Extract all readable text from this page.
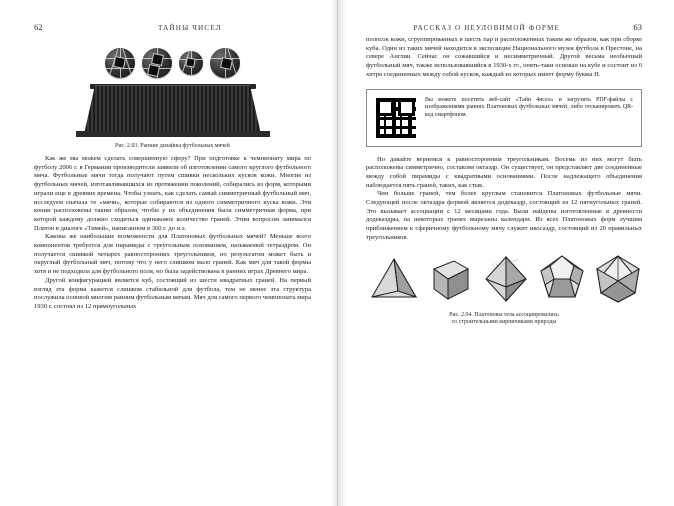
62	ТАЙНЫ ЧИСЕЛ
Рис. 2.03. Ранние дизайны футбольных мячей

Как же мы можем сделать совершенную сферу? При подготовке к чемпионату мира по футболу 2006 г. в Германии производители заявили об изготовлении самого круглого футбольного мяча. Футбольные мячи тогда получают путем сшивки нескольких кусков кожи. Многие из футбольных мячей, изготавливавшихся из протяжении поколений, собирались из форм, которыми играли еще в древние времена. Чтобы узнать, как сделать самый симметричный футбольный мяч, исследуем сначала те «мячи», которые собираются из одного симметричного куска кожи. Эти копии расположены таким образом, чтобы у их объединения была симметричная форма, при которой каждому должно сходиться одинаковое количество граней. Этим вопросом занимался Платон в диалоге «Тимей», написанном в 360 г. до н.э.

Каковы же наибольшие возможности для Платоновых футбольных мячей? Меньше всего компонентов требуется для пирамиды с треугольным основанием, называемой тетраэдром. Он получается сшивкой четырех равносторонних треугольников, но результатом может быть и округлый футбольный мяч, потому что у него слишком мало граней. Как мяч для такой формы хотя и не подходила для футбольного поля, но была задействована в ранних играх Древнего мира.

Другой конфигурацией является куб, состоящий из шести квадратных граней. На первый взгляд эта форма кажется слишком стабильной для футбола, тем не менее эта структура послужила основой многим ранним футбольным мячам. Мяч для самого первого чемпионата мира 1930 г. состоял из 12 прямоугольных

РАССКАЗ О НЕУЛОВИМОЙ ФОРМЕ	63

полосок кожи, сгруппированных в шесть пар и расположенных таким же образом, как при сборке куба. Один из таких мячей находится в экспозиции Национального музея футбола в Престоне, на севере Англии. Сейчас он сожавшийся и несимметричный. Другой весьма необычный футбольный мяч, также использовавшийся в 1930-х гг., опять-таки основан на кубе и состоит из 6 хитро соединенных между собой кусков, каждый из которых имеет форму буквы Н.

Вы можете посетить веб-сайт «Тайн 4исел» и загрузить PDF-файлы с изображениями ранних Платоновых футбольных мячей, либо отсканировать QR-код смартфоном.

Но давайте вернемся к равносторонним треугольникам. Восемь из них могут быть расположены симметрично, составляя октаэдр. Он существует, он представляет две соединенные между собой пирамиды с квадратными основаниями. После надлежащего объединения наблюдается пять граней, таких, как стык.

Чем больше граней, тем более круглым становится Платоновых футбольные мячи. Следующей после октаэдра формой является додекаэдр, состоящий из 12 пятиугольных граней. Это вызывает ассоциации с 12 месяцами года. Были найдены изготовленные в древности додекаэдры, на некоторых гранях вырезаны календари. Из всех Платоновых форм лучшим приближением к сферичному футбольному мячу служит икосаэдр, состоящий из 20 правильных треугольников.

Платон
Рис. 2.04. Платоновы тела ассоциировались
со строительными кирпичиками природы
